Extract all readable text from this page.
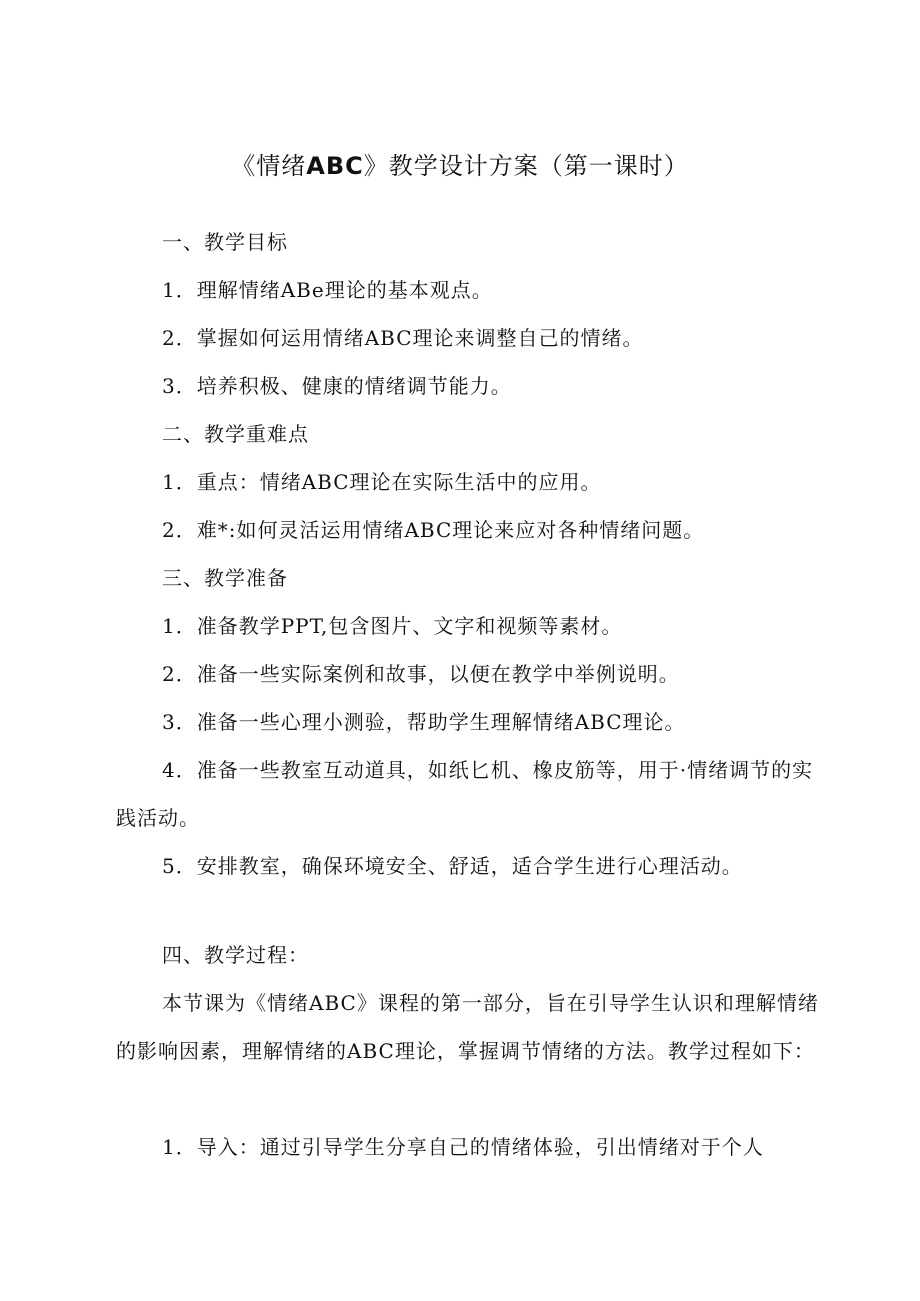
《情绪ABC》教学设计方案（第一课时）

一、教学目标

1．理解情绪ABe理论的基本观点。

2．掌握如何运用情绪ABC理论来调整自己的情绪。

3．培养积极、健康的情绪调节能力。

二、教学重难点

1．重点：情绪ABC理论在实际生活中的应用。

2．难*:如何灵活运用情绪ABC理论来应对各种情绪问题。

三、教学准备

1．准备教学PPT,包含图片、文字和视频等素材。

2．准备一些实际案例和故事，以便在教学中举例说明。

3．准备一些心理小测验，帮助学生理解情绪ABC理论。

4．准备一些教室互动道具，如纸匕机、橡皮筋等，用于·情绪调节的实践活动。

5．安排教室，确保环境安全、舒适，适合学生进行心理活动。

四、教学过程：

本节课为《情绪ABC》课程的第一部分，旨在引导学生认识和理解情绪的影响因素，理解情绪的ABC理论，掌握调节情绪的方法。教学过程如下：

1．导入：通过引导学生分享自己的情绪体验，引出情绪对于个人
